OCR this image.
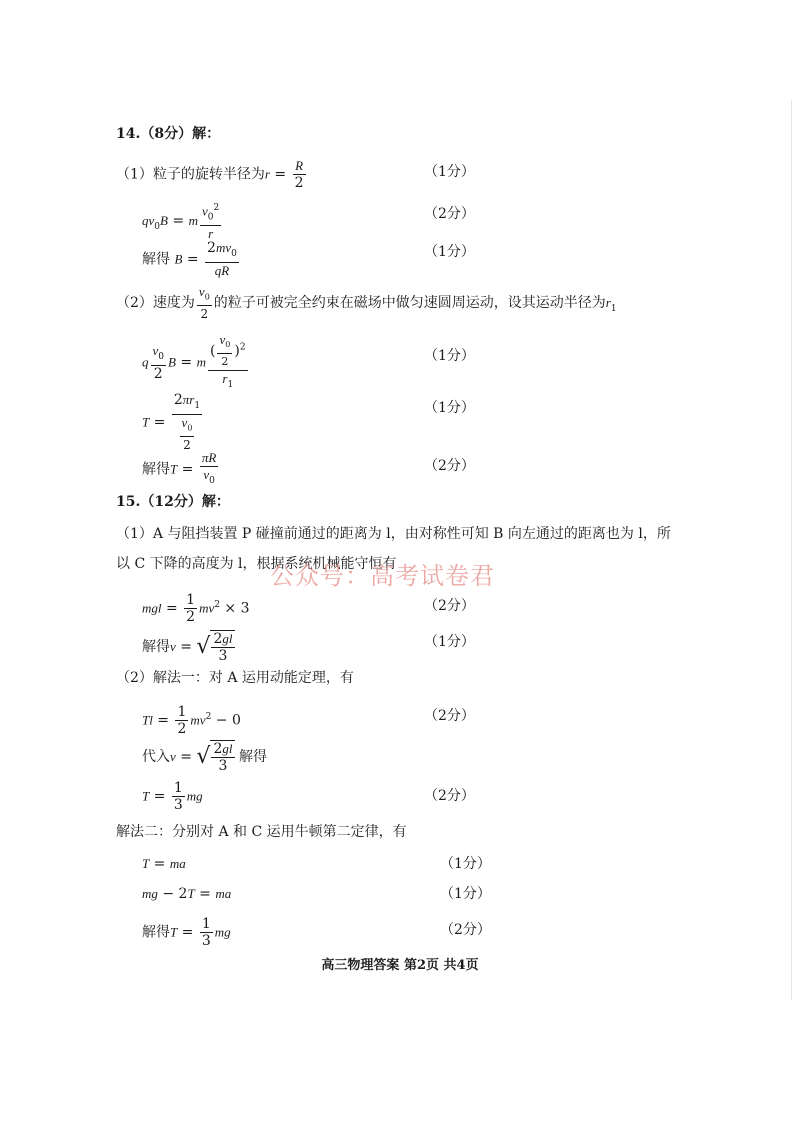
14.（8分）解：
（1）粒子的旋转半径为$r = \frac{R}{2}$	（1分）
$qv_0B = m \frac{v_0^2}{r}$	（2分）
解得 $B = \frac{2mv_0}{qR}$	（1分）
（2）速度为 $\frac{v_0}{2}$ 的粒子可被完全约束在磁场中做匀速圆周运动，设其运动半径为$r_1$
q $\frac{v_0}{2}$ B = m $\frac{( \frac{v_0}{2} )^2}{r_1}$	（1分）
$T = \frac{2\pi r_1}{\frac{v_0}{2}}$	（1分）
解得$T = \frac{\pi R}{v_0}$	（2分）
15.（12分）解：
（1）A 与阻挡装置 P 碰撞前通过的距离为 l，由对称性可知 B 向左通过的距离也为 l，所
以 C 下降的高度为 l，根据系统机械能守恒有
公众号：高考试卷君
mgl = $\frac{1}{2} mv^2 \times 3$	（2分）
解得v = √ $\frac{2gl}{3}$	（1分）
（2）解法一：对 A 运用动能定理，有
$Tl = \frac{1}{2} mv^2 - 0$	（2分）
代入v = √ $\frac{2gl}{3}$ 解得
$T = \frac{1}{3}$ mg	（2分）
解法二：分别对 A 和 C 运用牛顿第二定律，有
T = ma	（1分）
mg − 2T = ma	（1分）
解得$T = \frac{1}{3}$ mg	（2分）
高三物理答案 第2页 共4页
